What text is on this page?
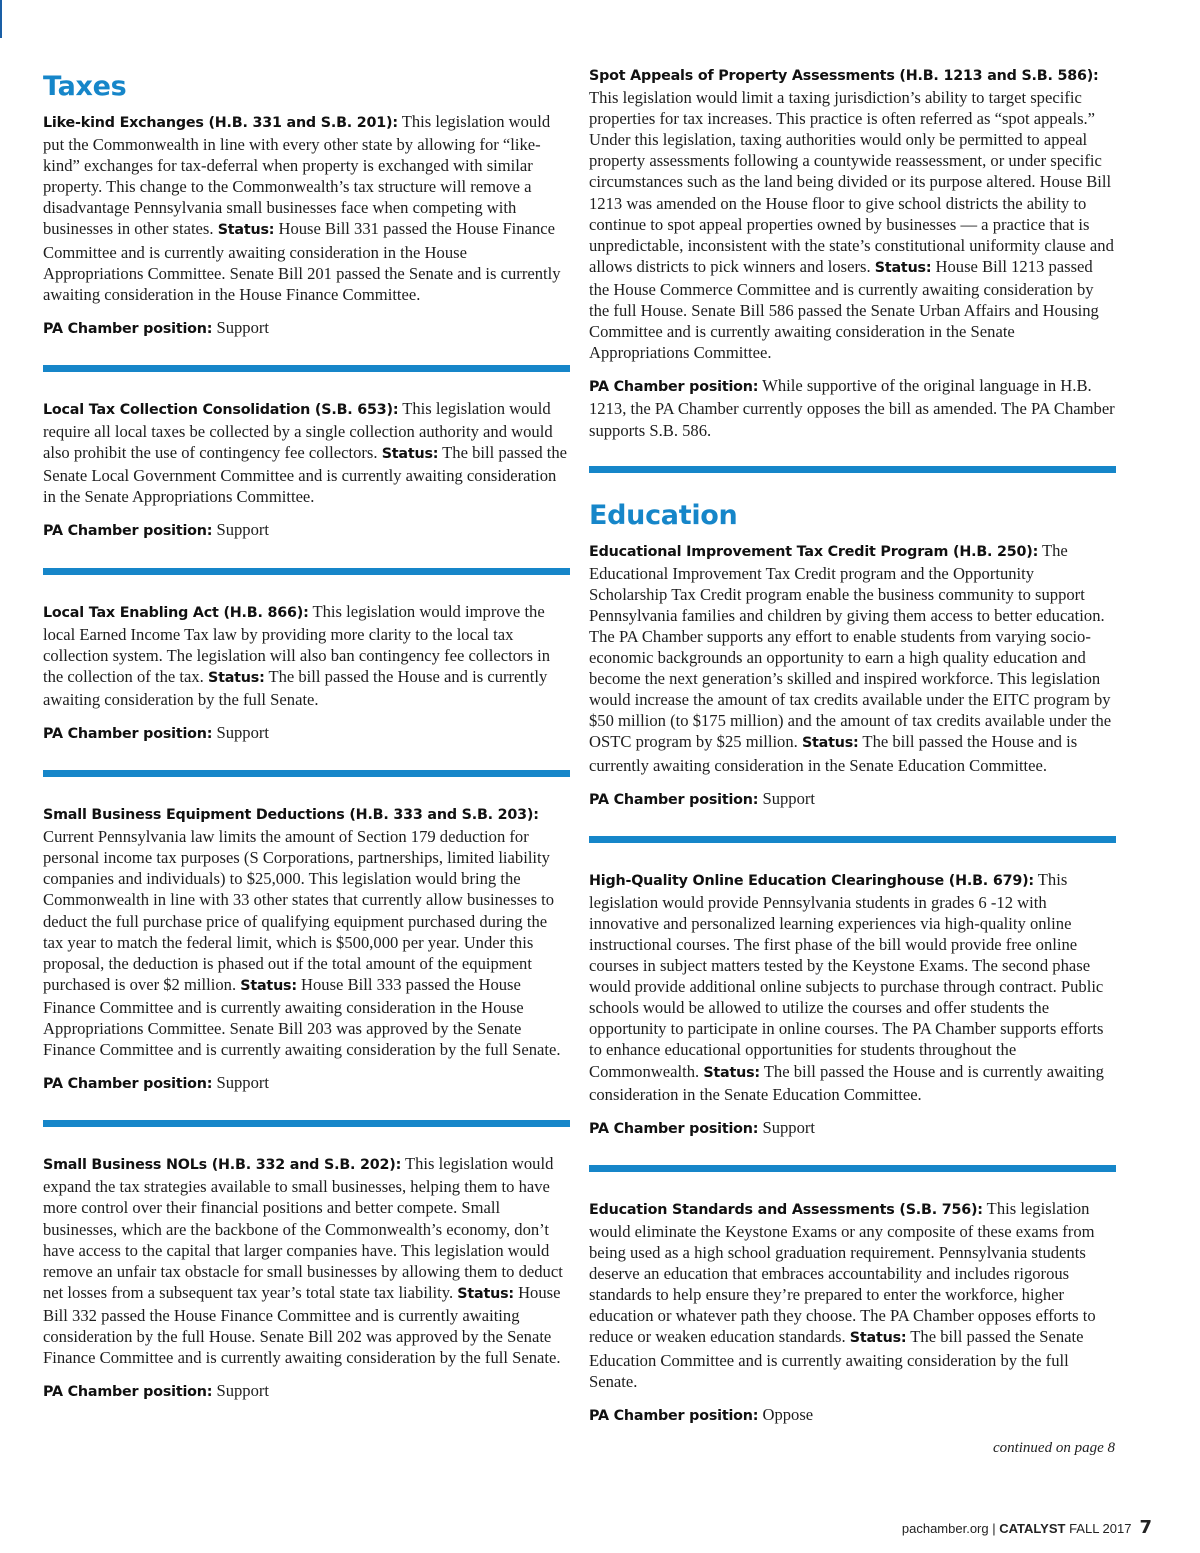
Taxes

Like-kind Exchanges (H.B. 331 and S.B. 201): This legislation would put the Commonwealth in line with every other state by allowing for “like-kind” exchanges for tax-deferral when property is exchanged with similar property. This change to the Commonwealth’s tax structure will remove a disadvantage Pennsylvania small businesses face when competing with businesses in other states. Status: House Bill 331 passed the House Finance Committee and is currently awaiting consideration in the House Appropriations Committee. Senate Bill 201 passed the Senate and is currently awaiting consideration in the House Finance Committee.

PA Chamber position: Support

Local Tax Collection Consolidation (S.B. 653): This legislation would require all local taxes be collected by a single collection authority and would also prohibit the use of contingency fee collectors. Status: The bill passed the Senate Local Government Committee and is currently awaiting consideration in the Senate Appropriations Committee.

PA Chamber position: Support

Local Tax Enabling Act (H.B. 866): This legislation would improve the local Earned Income Tax law by providing more clarity to the local tax collection system. The legislation will also ban contingency fee collectors in the collection of the tax. Status: The bill passed the House and is currently awaiting consideration by the full Senate.

PA Chamber position: Support

Small Business Equipment Deductions (H.B. 333 and S.B. 203): Current Pennsylvania law limits the amount of Section 179 deduction for personal income tax purposes (S Corporations, partnerships, limited liability companies and individuals) to $25,000. This legislation would bring the Commonwealth in line with 33 other states that currently allow businesses to deduct the full purchase price of qualifying equipment purchased during the tax year to match the federal limit, which is $500,000 per year. Under this proposal, the deduction is phased out if the total amount of the equipment purchased is over $2 million. Status: House Bill 333 passed the House Finance Committee and is currently awaiting consideration in the House Appropriations Committee. Senate Bill 203 was approved by the Senate Finance Committee and is currently awaiting consideration by the full Senate.

PA Chamber position: Support

Small Business NOLs (H.B. 332 and S.B. 202): This legislation would expand the tax strategies available to small businesses, helping them to have more control over their financial positions and better compete. Small businesses, which are the backbone of the Commonwealth’s economy, don’t have access to the capital that larger companies have. This legislation would remove an unfair tax obstacle for small businesses by allowing them to deduct net losses from a subsequent tax year’s total state tax liability. Status: House Bill 332 passed the House Finance Committee and is currently awaiting consideration by the full House. Senate Bill 202 was approved by the Senate Finance Committee and is currently awaiting consideration by the full Senate.

PA Chamber position: Support

Spot Appeals of Property Assessments (H.B. 1213 and S.B. 586): This legislation would limit a taxing jurisdiction’s ability to target specific properties for tax increases. This practice is often referred as “spot appeals.” Under this legislation, taxing authorities would only be permitted to appeal property assessments following a countywide reassessment, or under specific circumstances such as the land being divided or its purpose altered. House Bill 1213 was amended on the House floor to give school districts the ability to continue to spot appeal properties owned by businesses — a practice that is unpredictable, inconsistent with the state’s constitutional uniformity clause and allows districts to pick winners and losers. Status: House Bill 1213 passed the House Commerce Committee and is currently awaiting consideration by the full House. Senate Bill 586 passed the Senate Urban Affairs and Housing Committee and is currently awaiting consideration in the Senate Appropriations Committee.

PA Chamber position: While supportive of the original language in H.B. 1213, the PA Chamber currently opposes the bill as amended. The PA Chamber supports S.B. 586.

Education

Educational Improvement Tax Credit Program (H.B. 250): The Educational Improvement Tax Credit program and the Opportunity Scholarship Tax Credit program enable the business community to support Pennsylvania families and children by giving them access to better education. The PA Chamber supports any effort to enable students from varying socio-economic backgrounds an opportunity to earn a high quality education and become the next generation’s skilled and inspired workforce. This legislation would increase the amount of tax credits available under the EITC program by $50 million (to $175 million) and the amount of tax credits available under the OSTC program by $25 million. Status: The bill passed the House and is currently awaiting consideration in the Senate Education Committee.

PA Chamber position: Support

High-Quality Online Education Clearinghouse (H.B. 679): This legislation would provide Pennsylvania students in grades 6 -12 with innovative and personalized learning experiences via high-quality online instructional courses. The first phase of the bill would provide free online courses in subject matters tested by the Keystone Exams. The second phase would provide additional online subjects to purchase through contract. Public schools would be allowed to utilize the courses and offer students the opportunity to participate in online courses. The PA Chamber supports efforts to enhance educational opportunities for students throughout the Commonwealth. Status: The bill passed the House and is currently awaiting consideration in the Senate Education Committee.

PA Chamber position: Support

Education Standards and Assessments (S.B. 756): This legislation would eliminate the Keystone Exams or any composite of these exams from being used as a high school graduation requirement. Pennsylvania students deserve an education that embraces accountability and includes rigorous standards to help ensure they’re prepared to enter the workforce, higher education or whatever path they choose. The PA Chamber opposes efforts to reduce or weaken education standards. Status: The bill passed the Senate Education Committee and is currently awaiting consideration by the full Senate.

PA Chamber position: Oppose

continued on page 8
pachamber.org | CATALYST FALL 2017 7
